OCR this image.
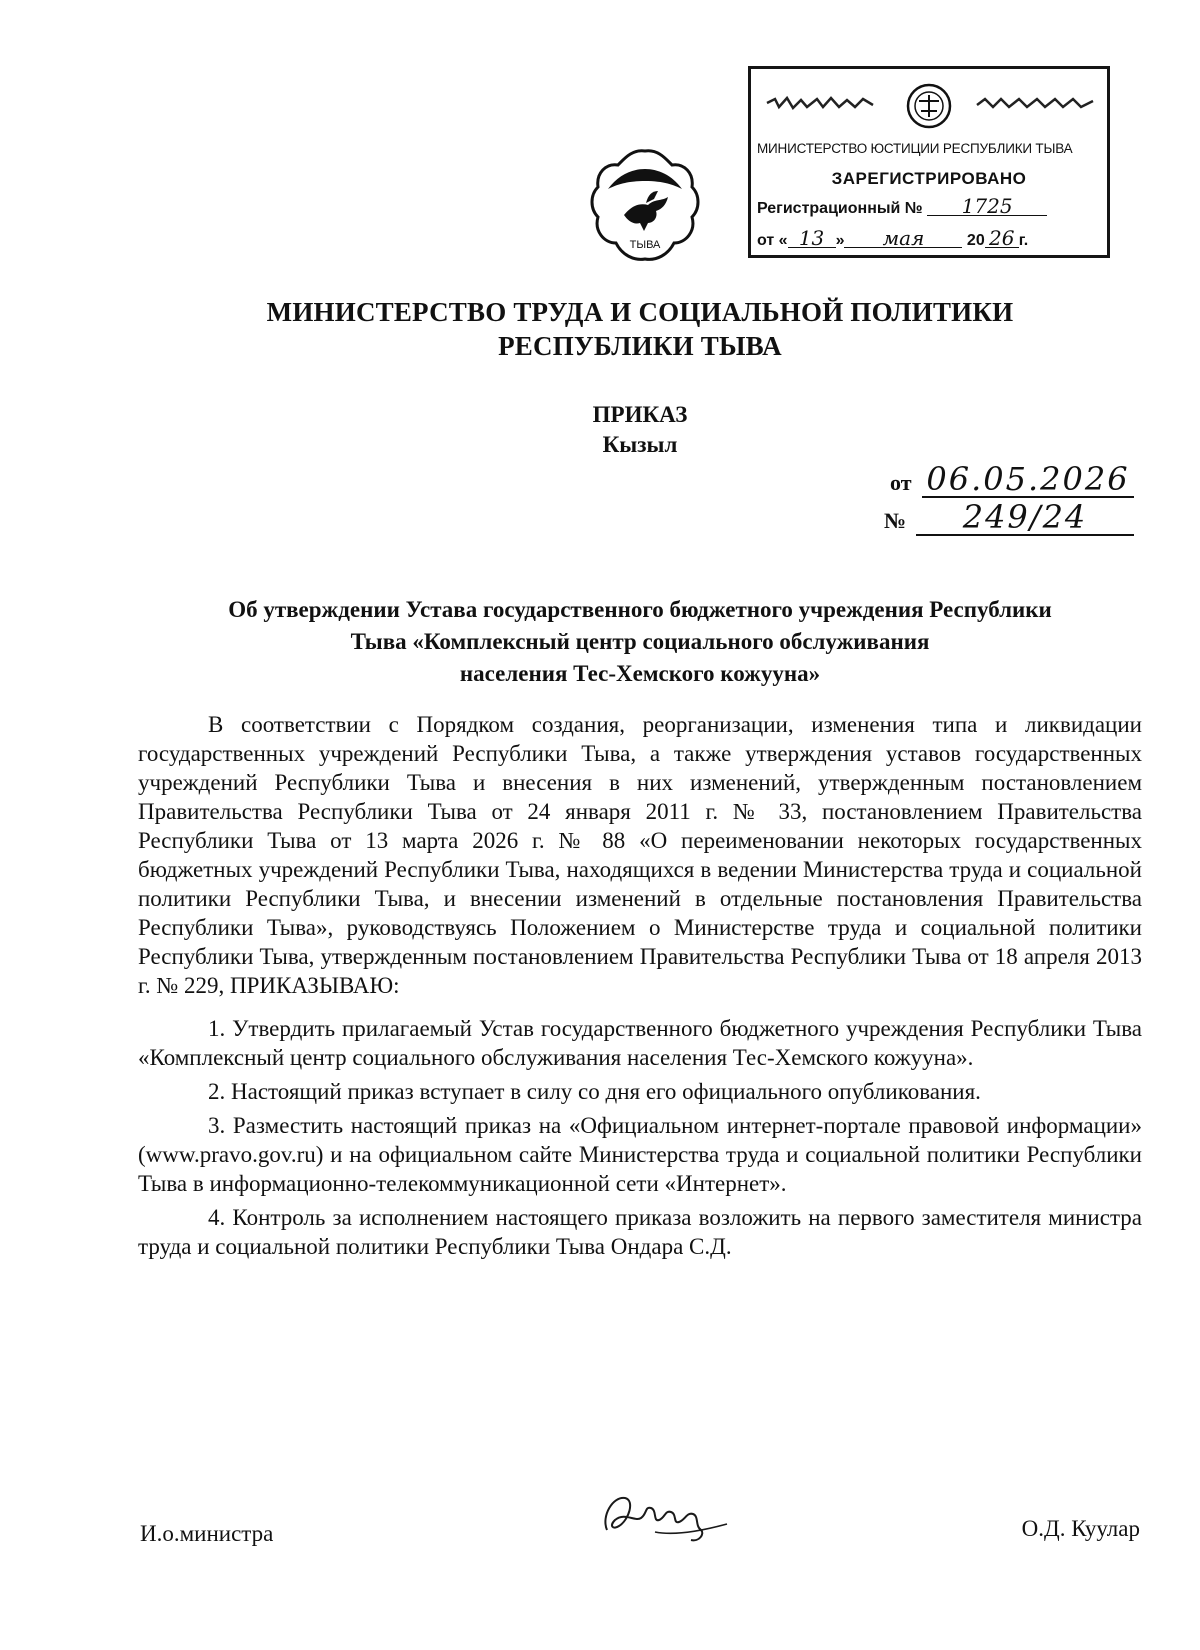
ТЫВА
МИНИСТЕРСТВО ЮСТИЦИИ РЕСПУБЛИКИ ТЫВА
ЗАРЕГИСТРИРОВАНО
Регистрационный № 1725
от « 13 » мая	20 26 г.
МИНИСТЕРСТВО ТРУДА И СОЦИАЛЬНОЙ ПОЛИТИКИ
РЕСПУБЛИКИ ТЫВА
ПРИКАЗ
Кызыл
от 06.05.2026
№	249/24
Об утверждении Устава государственного бюджетного учреждения Республики
Тыва «Комплексный центр социального обслуживания
населения Тес-Хемского кожууна»

В соответствии с Порядком создания, реорганизации, изменения типа и ликвидации государственных учреждений Республики Тыва, а также утверждения уставов государственных учреждений Республики Тыва и внесения в них изменений, утвержденным постановлением Правительства Республики Тыва от 24 января 2011 г. № 33, постановлением Правительства Республики Тыва от 13 марта 2026 г. № 88 «О переименовании некоторых государственных бюджетных учреждений Республики Тыва, находящихся в ведении Министерства труда и социальной политики Республики Тыва, и внесении изменений в отдельные постановления Правительства Республики Тыва», руководствуясь Положением о Министерстве труда и социальной политики Республики Тыва, утвержденным постановлением Правительства Республики Тыва от 18 апреля 2013 г. № 229, ПРИКАЗЫВАЮ:

1. Утвердить прилагаемый Устав государственного бюджетного учреждения Республики Тыва «Комплексный центр социального обслуживания населения Тес-Хемского кожууна».

2. Настоящий приказ вступает в силу со дня его официального опубликования.

3. Разместить настоящий приказ на «Официальном интернет-портале правовой информации» (www.pravo.gov.ru) и на официальном сайте Министерства труда и социальной политики Республики Тыва в информационно-телекоммуникационной сети «Интернет».

4. Контроль за исполнением настоящего приказа возложить на первого заместителя министра труда и социальной политики Республики Тыва Ондара С.Д.

И.о.министра	О.Д. Куулар
